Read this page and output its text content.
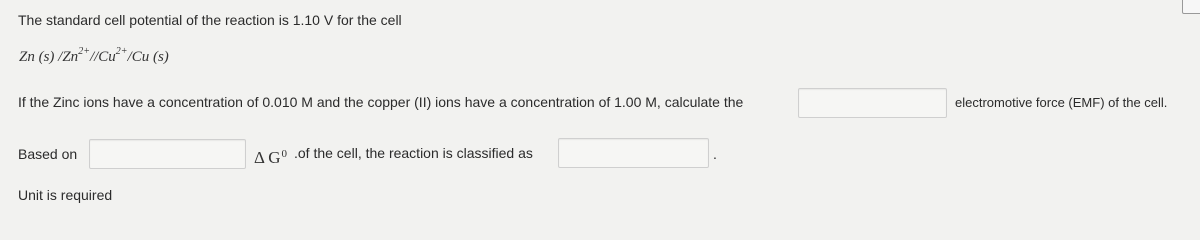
The standard cell potential of the reaction is 1.10 V for the cell
Zn (s) $/Zn^{2+}//Cu^{2+}/Cu$ (s)
If the Zinc ions have a concentration of 0.010 M and the copper (II) ions have a concentration of 1.00 M, calculate the	electromotive force (EMF) of the cell.
Based on	Δ $G^0$ .of the cell, the reaction is classified as	.
Unit is required
